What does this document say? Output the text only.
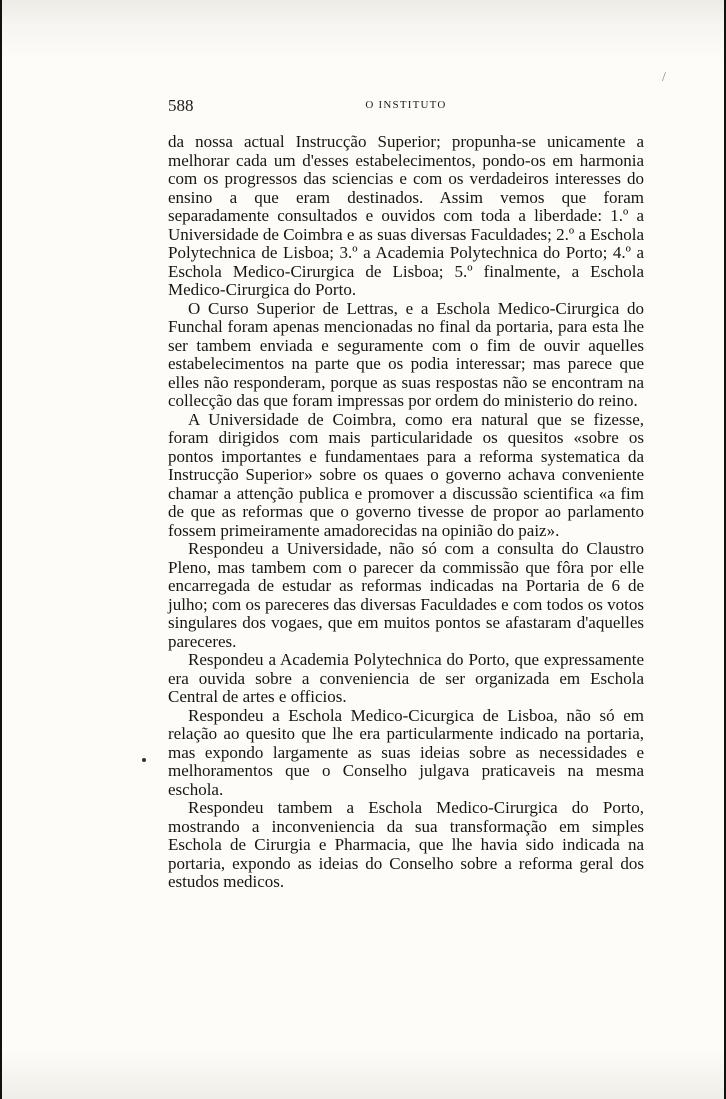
588	O INSTITUTO
/

da nossa actual Instrucção Superior; propunha-se unicamente a melhorar cada um d'esses estabelecimentos, pondo-os em harmonia com os progressos das sciencias e com os verdadeiros interesses do ensino a que eram destinados. Assim vemos que foram separadamente consultados e ouvidos com toda a liberdade: 1.º a Universidade de Coimbra e as suas diversas Faculdades; 2.º a Eschola Polytechnica de Lisboa; 3.º a Academia Polytechnica do Porto; 4.º a Eschola Medico-Cirurgica de Lisboa; 5.º finalmente, a Eschola Medico-Cirurgica do Porto.

O Curso Superior de Lettras, e a Eschola Medico-Cirurgica do Funchal foram apenas mencionadas no final da portaria, para esta lhe ser tambem enviada e seguramente com o fim de ouvir aquelles estabelecimentos na parte que os podia interessar; mas parece que elles não responderam, porque as suas respostas não se encontram na collecção das que foram impressas por ordem do ministerio do reino.

A Universidade de Coimbra, como era natural que se fizesse, foram dirigidos com mais particularidade os quesitos «sobre os pontos importantes e fundamentaes para a reforma systematica da Instrucção Superior» sobre os quaes o governo achava conveniente chamar a attenção publica e promover a discussão scientifica «a fim de que as reformas que o governo tivesse de propor ao parlamento fossem primeiramente amadorecidas na opinião do paiz».

Respondeu a Universidade, não só com a consulta do Claustro Pleno, mas tambem com o parecer da commissão que fôra por elle encarregada de estudar as reformas indicadas na Portaria de 6 de julho; com os pareceres das diversas Faculdades e com todos os votos singulares dos vogaes, que em muitos pontos se afastaram d'aquelles pareceres.

Respondeu a Academia Polytechnica do Porto, que expressamente era ouvida sobre a conveniencia de ser organizada em Eschola Central de artes e officios.

Respondeu a Eschola Medico-Cicurgica de Lisboa, não só em relação ao quesito que lhe era particularmente indicado na portaria, mas expondo largamente as suas ideias sobre as necessidades e melhoramentos que o Conselho julgava praticaveis na mesma eschola.

Respondeu tambem a Eschola Medico-Cirurgica do Porto, mostrando a inconveniencia da sua transformação em simples Eschola de Cirurgia e Pharmacia, que lhe havia sido indicada na portaria, expondo as ideias do Conselho sobre a reforma geral dos estudos medicos.
